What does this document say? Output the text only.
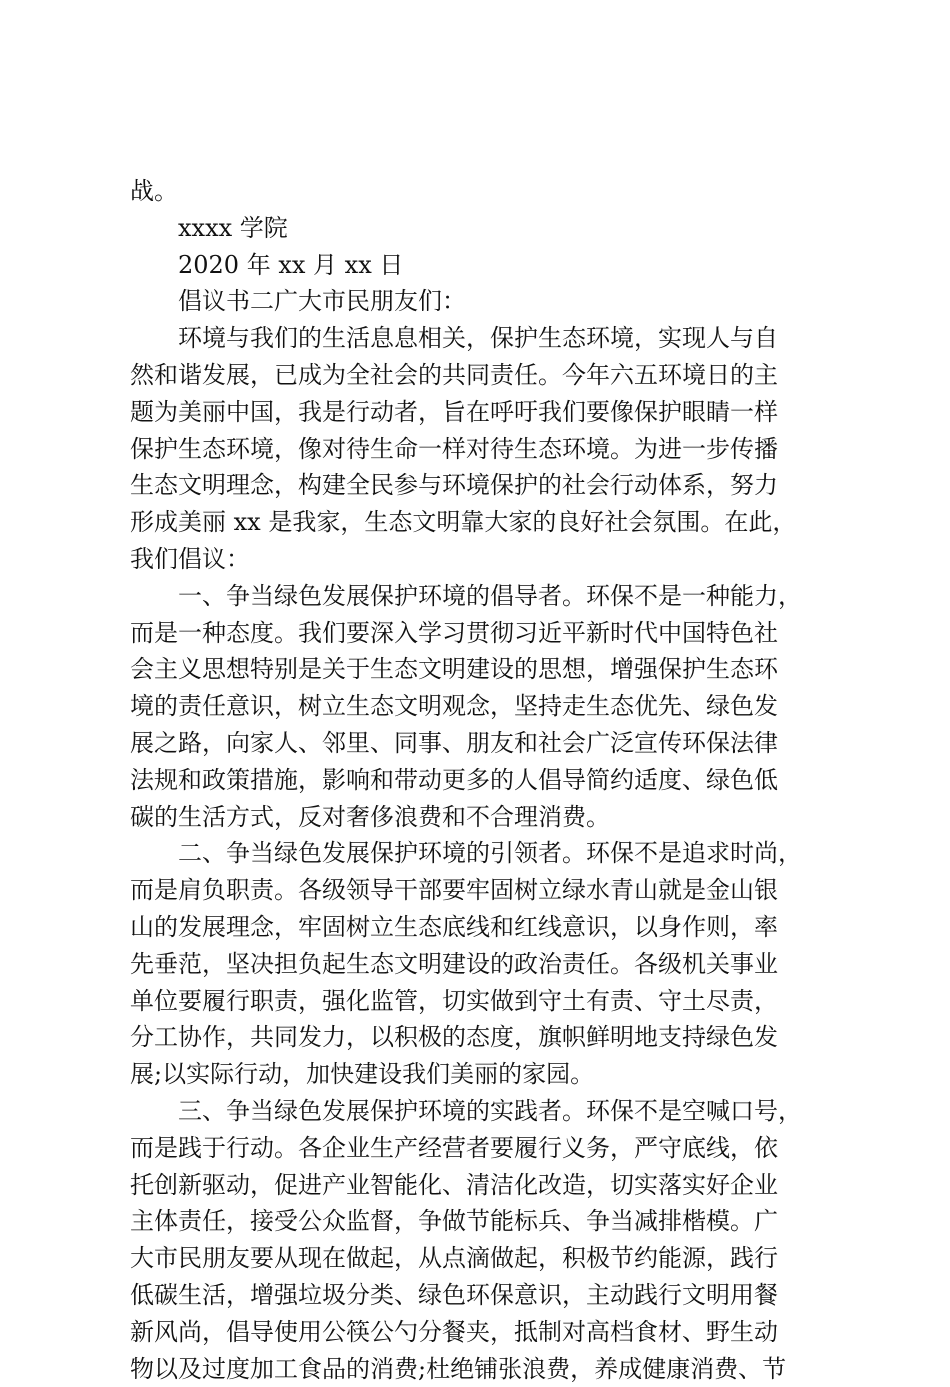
战。
xxxx 学院
2020 年 xx 月 xx 日
倡议书二广大市民朋友们：
环境与我们的生活息息相关，保护生态环境，实现人与自
然和谐发展，已成为全社会的共同责任。今年六五环境日的主
题为美丽中国，我是行动者，旨在呼吁我们要像保护眼睛一样
保护生态环境，像对待生命一样对待生态环境。为进一步传播
生态文明理念，构建全民参与环境保护的社会行动体系，努力
形成美丽 xx 是我家，生态文明靠大家的良好社会氛围。在此，
我们倡议：
一、争当绿色发展保护环境的倡导者。环保不是一种能力，
而是一种态度。我们要深入学习贯彻习近平新时代中国特色社
会主义思想特别是关于生态文明建设的思想，增强保护生态环
境的责任意识，树立生态文明观念，坚持走生态优先、绿色发
展之路，向家人、邻里、同事、朋友和社会广泛宣传环保法律
法规和政策措施，影响和带动更多的人倡导简约适度、绿色低
碳的生活方式，反对奢侈浪费和不合理消费。
二、争当绿色发展保护环境的引领者。环保不是追求时尚，
而是肩负职责。各级领导干部要牢固树立绿水青山就是金山银
山的发展理念，牢固树立生态底线和红线意识，以身作则，率
先垂范，坚决担负起生态文明建设的政治责任。各级机关事业
单位要履行职责，强化监管，切实做到守土有责、守土尽责，
分工协作，共同发力，以积极的态度，旗帜鲜明地支持绿色发
展;以实际行动，加快建设我们美丽的家园。
三、争当绿色发展保护环境的实践者。环保不是空喊口号，
而是践于行动。各企业生产经营者要履行义务，严守底线，依
托创新驱动，促进产业智能化、清洁化改造，切实落实好企业
主体责任，接受公众监督，争做节能标兵、争当减排楷模。广
大市民朋友要从现在做起，从点滴做起，积极节约能源，践行
低碳生活，增强垃圾分类、绿色环保意识，主动践行文明用餐
新风尚，倡导使用公筷公勺分餐夹，抵制对高档食材、野生动
物以及过度加工食品的消费;杜绝铺张浪费，养成健康消费、节
